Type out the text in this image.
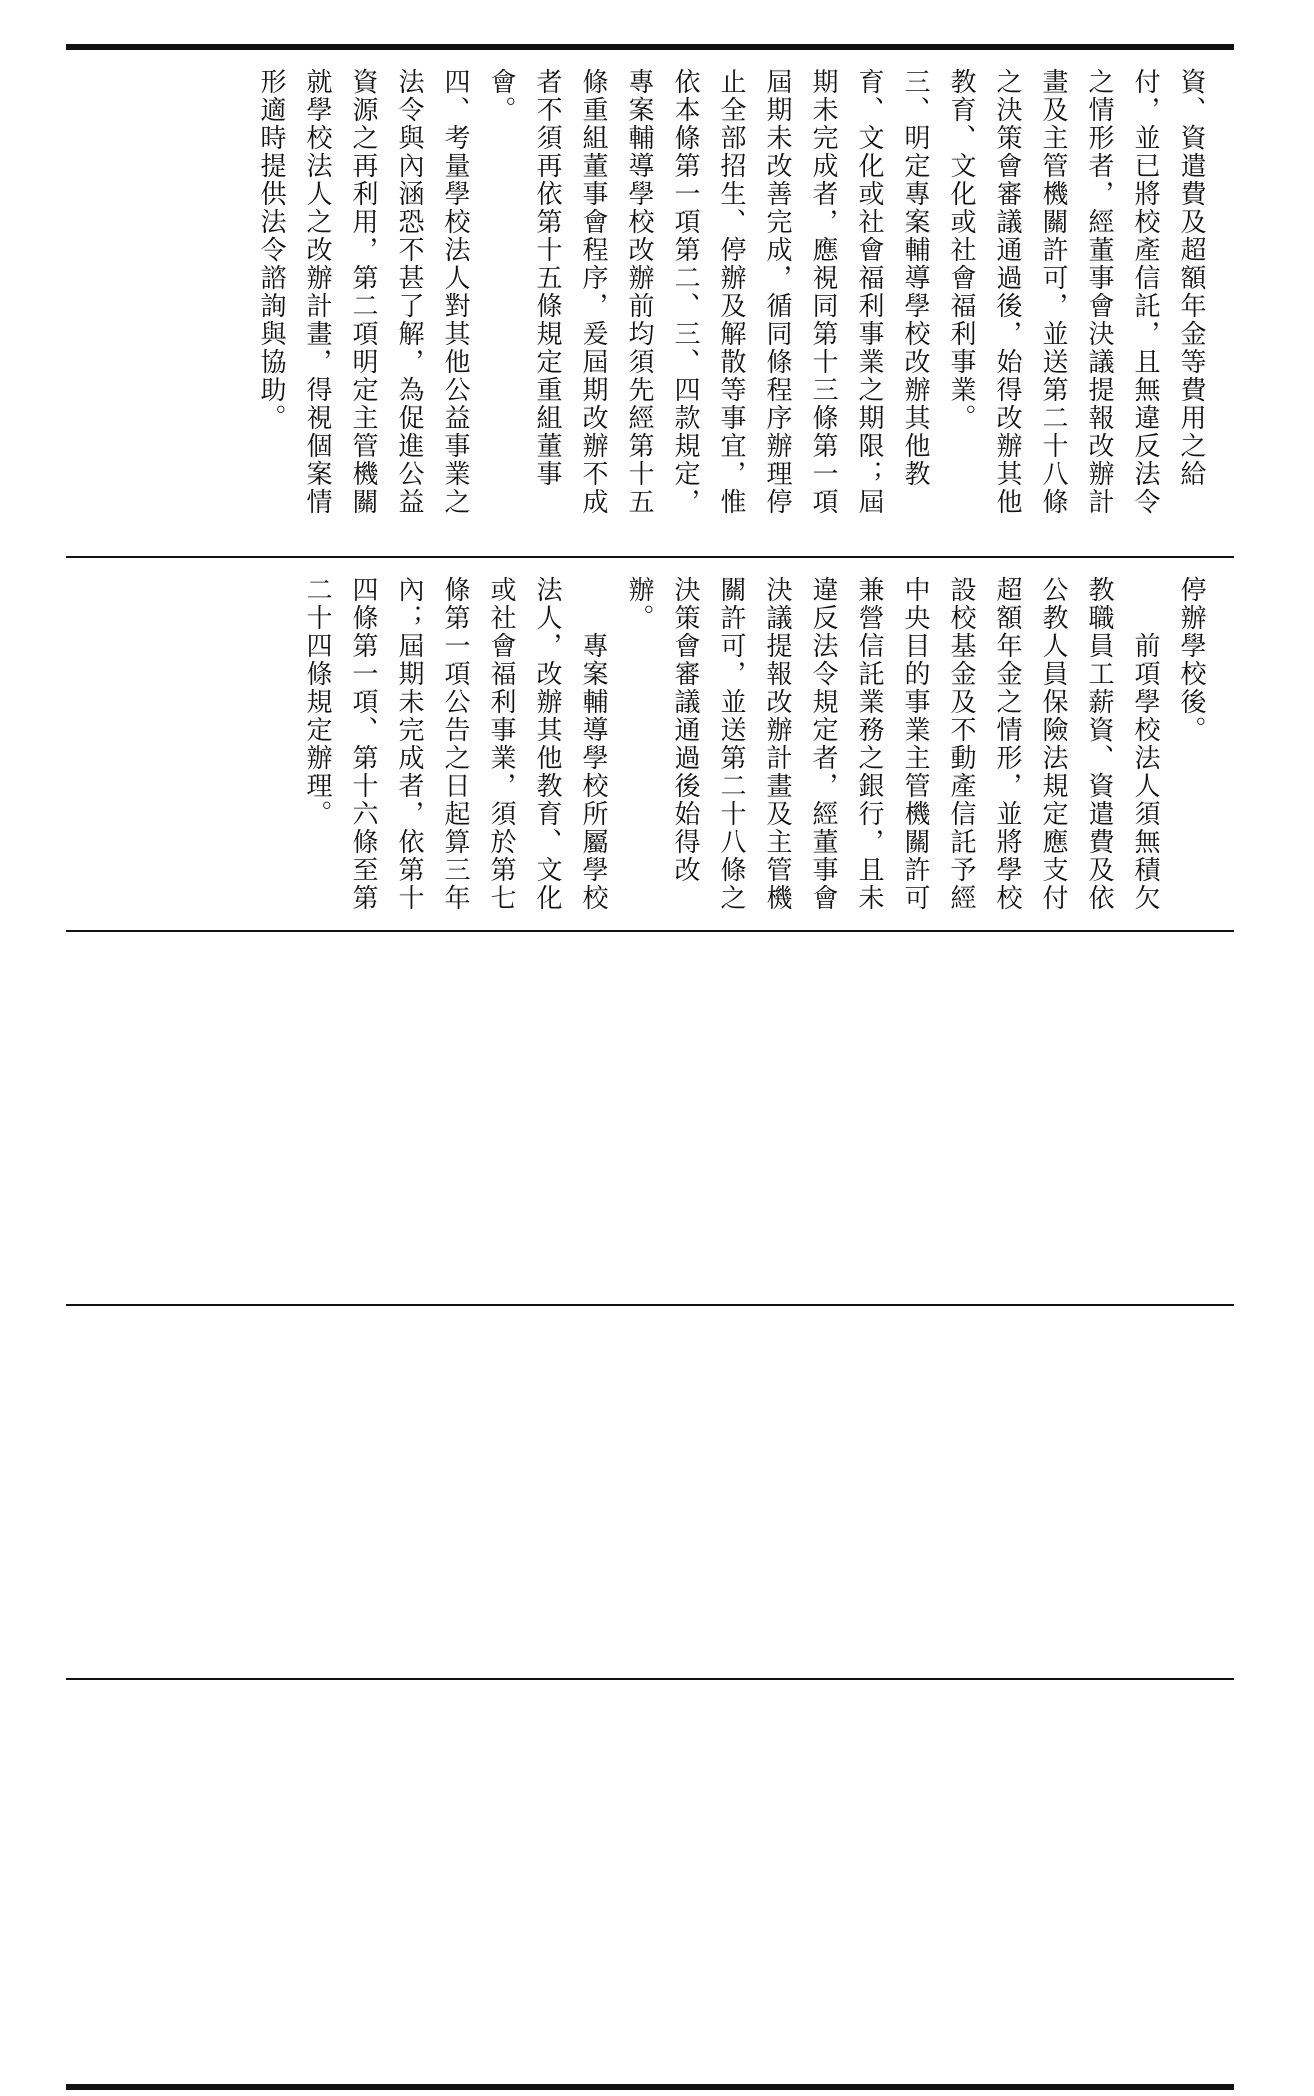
資、資遣費及超額年金等費用之給付，並已將校產信託，且無違反法令之情形者，經董事會決議提報改辦計畫及主管機關許可，並送第二十八條之決策會審議通過後，始得改辦其他教育、文化或社會福利事業。
三、明定專案輔導學校改辦其他教育、文化或社會福利事業之期限；屆期未完成者，應視同第十三條第一項屆期未改善完成，循同條程序辦理停止全部招生、停辦及解散等事宜，惟依本條第一項第二、三、四款規定，專案輔導學校改辦前均須先經第十五條重組董事會程序，爰屆期改辦不成者不須再依第十五條規定重組董事會。
四、考量學校法人對其他公益事業之法令與內涵恐不甚了解，為促進公益資源之再利用，第二項明定主管機關就學校法人之改辦計畫，得視個案情形適時提供法令諮詢與協助。
停辦學校後。
　　前項學校法人須無積欠教職員工薪資、資遣費及依公教人員保險法規定應支付超額年金之情形，並將學校設校基金及不動產信託予經中央目的事業主管機關許可兼營信託業務之銀行，且未違反法令規定者，經董事會決議提報改辦計畫及主管機關許可，並送第二十八條之決策會審議通過後始得改辦。
　　專案輔導學校所屬學校法人，改辦其他教育、文化或社會福利事業，須於第七條第一項公告之日起算三年內；屆期未完成者，依第十四條第一項、第十六條至第二十四條規定辦理。
